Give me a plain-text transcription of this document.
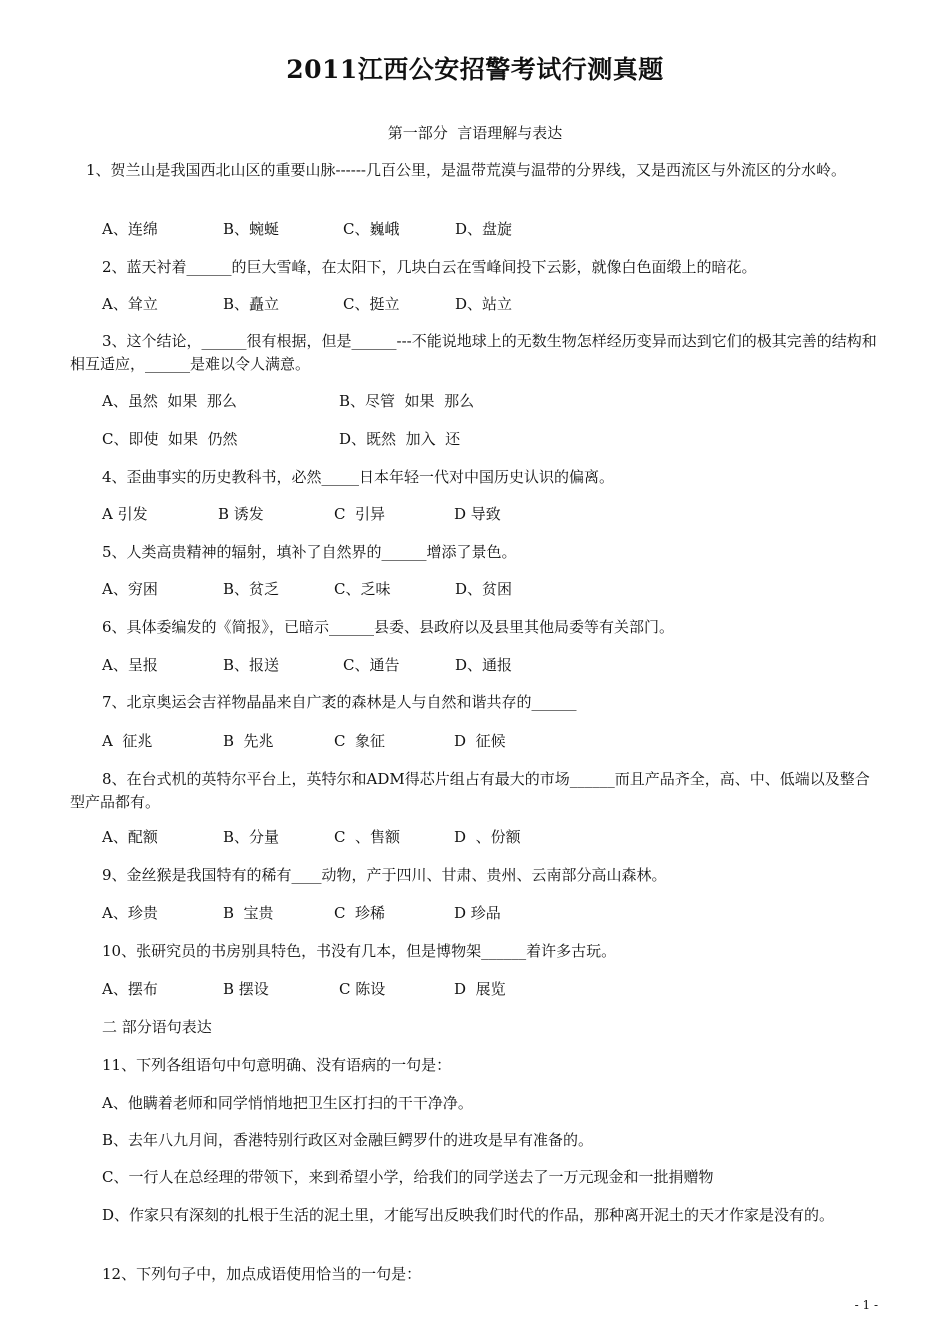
2011江西公安招警考试行测真题
第一部分  言语理解与表达
1、贺兰山是我国西北山区的重要山脉------几百公里，是温带荒漠与温带的分界线，又是西流区与外流区的分水岭。
A、连绵	B、蜿蜒	C、巍峨	D、盘旋
2、蓝天衬着______的巨大雪峰，在太阳下，几块白云在雪峰间投下云影，就像白色面缎上的暗花。
A、耸立	B、矗立	C、挺立	D、站立
3、这个结论，______很有根据，但是______---不能说地球上的无数生物怎样经历变异而达到它们的极其完善的结构和相互适应，______是难以令人满意。
A、虽然  如果  那么	B、尽管  如果  那么
C、即使  如果  仍然	D、既然  加入  还
4、歪曲事实的历史教科书，必然_____日本年轻一代对中国历史认识的偏离。
A 引发	B 诱发	C  引异	D 导致
5、人类高贵精神的辐射，填补了自然界的______增添了景色。
A、穷困	B、贫乏	C、乏味	D、贫困
6、具体委编发的《简报》，已暗示______县委、县政府以及县里其他局委等有关部门。
A、呈报	B、报送	C、通告	D、通报
7、北京奥运会吉祥物晶晶来自广袤的森林是人与自然和谐共存的______
A  征兆	B  先兆	C  象征	D  征候
8、在台式机的英特尔平台上，英特尔和ADM得芯片组占有最大的市场______而且产品齐全，高、中、低端以及整合型产品都有。
A、配额	B、分量	C  、售额	D  、份额
9、金丝猴是我国特有的稀有____动物，产于四川、甘肃、贵州、云南部分高山森林。
A、珍贵	B  宝贵	C  珍稀	D 珍品
10、张研究员的书房别具特色，书没有几本，但是博物架______着许多古玩。
A、摆布	B 摆设	C 陈设	D  展览
二 部分语句表达
11、下列各组语句中句意明确、没有语病的一句是：
A、他瞒着老师和同学悄悄地把卫生区打扫的干干净净。
B、去年八九月间，香港特别行政区对金融巨鳄罗什的进攻是早有准备的。
C、一行人在总经理的带领下，来到希望小学，给我们的同学送去了一万元现金和一批捐赠物
D、作家只有深刻的扎根于生活的泥土里，才能写出反映我们时代的作品，那种离开泥土的天才作家是没有的。
12、下列句子中，加点成语使用恰当的一句是：
- 1 -
